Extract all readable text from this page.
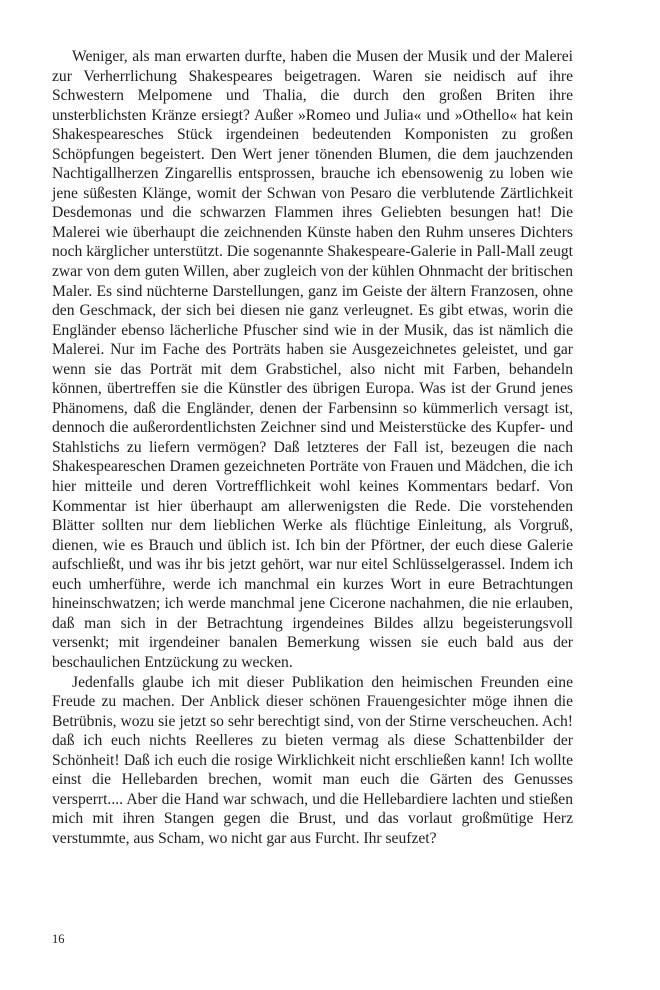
Weniger, als man erwarten durfte, haben die Musen der Musik und der Malerei zur Verherrlichung Shakespeares beigetragen. Waren sie neidisch auf ihre Schwestern Melpomene und Thalia, die durch den großen Briten ihre unsterblichsten Kränze ersiegt? Außer »Romeo und Julia« und »Othello« hat kein Shakespearesches Stück irgendeinen bedeutenden Komponisten zu großen Schöpfungen begeistert. Den Wert jener tönenden Blumen, die dem jauchzenden Nachtigallherzen Zingarellis entsprossen, brauche ich ebensowenig zu loben wie jene süßesten Klänge, womit der Schwan von Pesaro die verblutende Zärtlichkeit Desdemonas und die schwarzen Flammen ihres Geliebten besungen hat! Die Malerei wie überhaupt die zeichnenden Künste haben den Ruhm unseres Dichters noch kärglicher unterstützt. Die sogenannte Shakespeare-Galerie in Pall-Mall zeugt zwar von dem guten Willen, aber zugleich von der kühlen Ohnmacht der britischen Maler. Es sind nüchterne Darstellungen, ganz im Geiste der ältern Franzosen, ohne den Geschmack, der sich bei diesen nie ganz verleugnet. Es gibt etwas, worin die Engländer ebenso lächerliche Pfuscher sind wie in der Musik, das ist nämlich die Malerei. Nur im Fache des Porträts haben sie Ausgezeichnetes geleistet, und gar wenn sie das Porträt mit dem Grabstichel, also nicht mit Farben, behandeln können, übertreffen sie die Künstler des übrigen Europa. Was ist der Grund jenes Phänomens, daß die Engländer, denen der Farbensinn so kümmerlich versagt ist, dennoch die außerordentlichsten Zeichner sind und Meisterstücke des Kupfer- und Stahlstichs zu liefern vermögen? Daß letzteres der Fall ist, bezeugen die nach Shakespeareschen Dramen gezeichneten Porträte von Frauen und Mädchen, die ich hier mitteile und deren Vortrefflichkeit wohl keines Kommentars bedarf. Von Kommentar ist hier überhaupt am allerwenigsten die Rede. Die vorstehenden Blätter sollten nur dem lieblichen Werke als flüchtige Einleitung, als Vorgruß, dienen, wie es Brauch und üblich ist. Ich bin der Pförtner, der euch diese Galerie aufschließt, und was ihr bis jetzt gehört, war nur eitel Schlüsselgerassel. Indem ich euch umherführe, werde ich manchmal ein kurzes Wort in eure Betrachtungen hineinschwatzen; ich werde manchmal jene Cicerone nachahmen, die nie erlauben, daß man sich in der Betrachtung irgendeines Bildes allzu begeisterungsvoll versenkt; mit irgendeiner banalen Bemerkung wissen sie euch bald aus der beschaulichen Entzückung zu wecken.

Jedenfalls glaube ich mit dieser Publikation den heimischen Freunden eine Freude zu machen. Der Anblick dieser schönen Frauengesichter möge ihnen die Betrübnis, wozu sie jetzt so sehr berechtigt sind, von der Stirne verscheuchen. Ach! daß ich euch nichts Reelleres zu bieten vermag als diese Schattenbilder der Schönheit! Daß ich euch die rosige Wirklichkeit nicht erschließen kann! Ich wollte einst die Hellebarden brechen, womit man euch die Gärten des Genusses versperrt.... Aber die Hand war schwach, und die Hellebardiere lachten und stießen mich mit ihren Stangen gegen die Brust, und das vorlaut großmütige Herz verstummte, aus Scham, wo nicht gar aus Furcht. Ihr seufzet?

16
